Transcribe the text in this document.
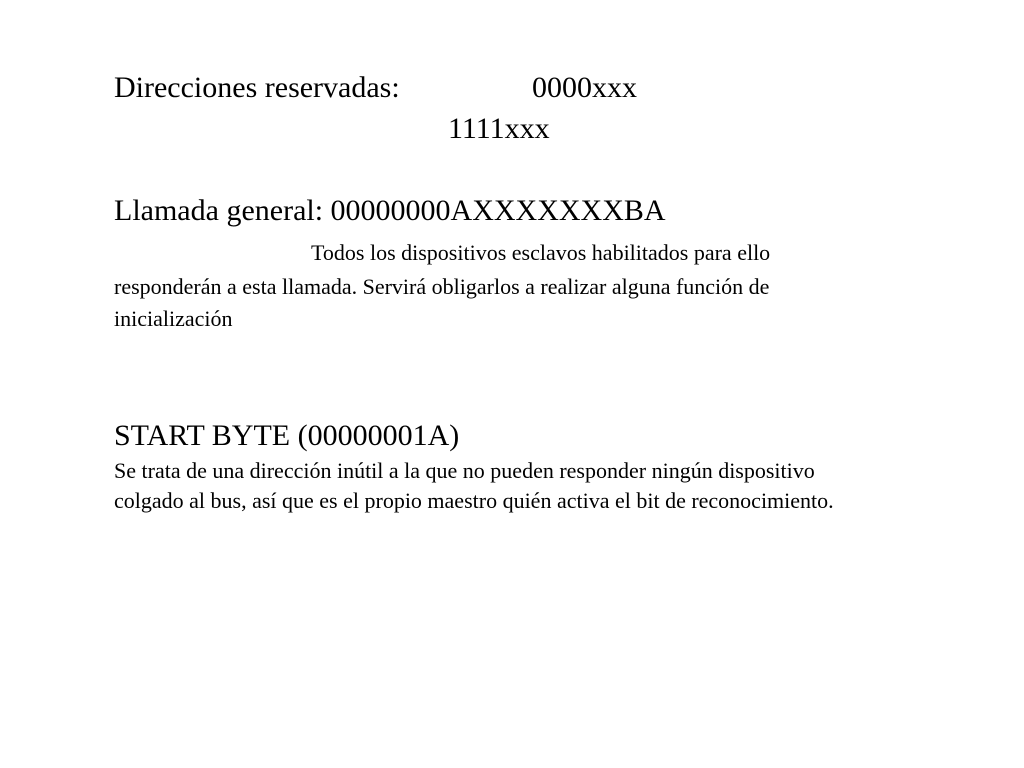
Direcciones reservadas:	0000xxx
1111xxx
Llamada general: 00000000AXXXXXXXBA
Todos los dispositivos esclavos habilitados para ello
responderán a esta llamada. Servirá obligarlos a realizar alguna función de
inicialización
START BYTE (00000001A)
Se trata de una dirección inútil a la que no pueden responder ningún dispositivo
colgado al bus, así que es el propio maestro quién activa el bit de reconocimiento.
